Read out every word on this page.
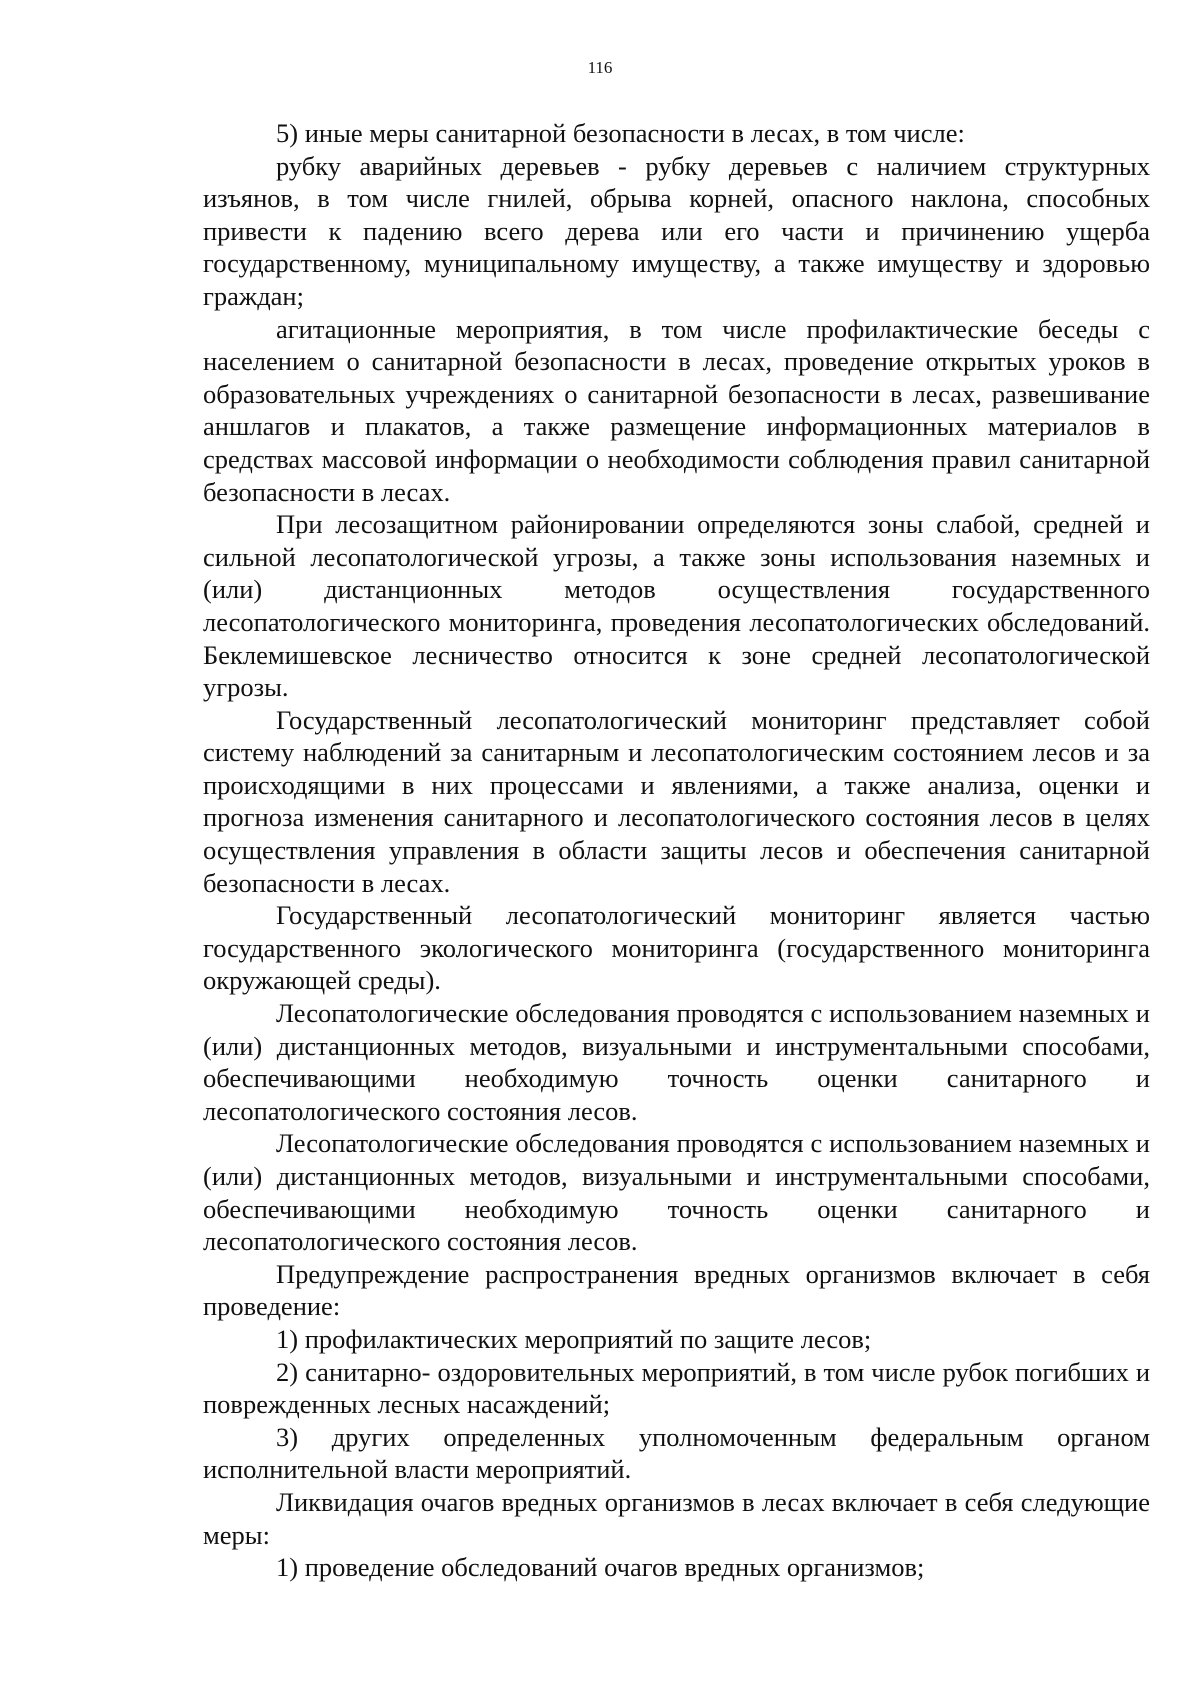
116

5) иные меры санитарной безопасности в лесах, в том числе:

рубку аварийных деревьев - рубку деревьев с наличием структурных изъянов, в том числе гнилей, обрыва корней, опасного наклона, способных привести к падению всего дерева или его части и причинению ущерба государственному, муниципальному имуществу, а также имуществу и здоровью граждан;

агитационные мероприятия, в том числе профилактические беседы с населением о санитарной безопасности в лесах, проведение открытых уроков в образовательных учреждениях о санитарной безопасности в лесах, развешивание аншлагов и плакатов, а также размещение информационных материалов в средствах массовой информации о необходимости соблюдения правил санитарной безопасности в лесах.

При лесозащитном районировании определяются зоны слабой, средней и сильной лесопатологической угрозы, а также зоны использования наземных и (или) дистанционных методов осуществления государственного лесопатологического мониторинга, проведения лесопатологических обследований. Беклемишевское лесничество относится к зоне средней лесопатологической угрозы.

Государственный лесопатологический мониторинг представляет собой систему наблюдений за санитарным и лесопатологическим состоянием лесов и за происходящими в них процессами и явлениями, а также анализа, оценки и прогноза изменения санитарного и лесопатологического состояния лесов в целях осуществления управления в области защиты лесов и обеспечения санитарной безопасности в лесах.

Государственный лесопатологический мониторинг является частью государственного экологического мониторинга (государственного мониторинга окружающей среды).

Лесопатологические обследования проводятся с использованием наземных и (или) дистанционных методов, визуальными и инструментальными способами, обеспечивающими необходимую точность оценки санитарного и лесопатологического состояния лесов.

Лесопатологические обследования проводятся с использованием наземных и (или) дистанционных методов, визуальными и инструментальными способами, обеспечивающими необходимую точность оценки санитарного и лесопатологического состояния лесов.

Предупреждение распространения вредных организмов включает в себя проведение:

1) профилактических мероприятий по защите лесов;

2) санитарно- оздоровительных мероприятий, в том числе рубок погибших и поврежденных лесных насаждений;

3) других определенных уполномоченным федеральным органом исполнительной власти мероприятий.

Ликвидация очагов вредных организмов в лесах включает в себя следующие меры:

1) проведение обследований очагов вредных организмов;
